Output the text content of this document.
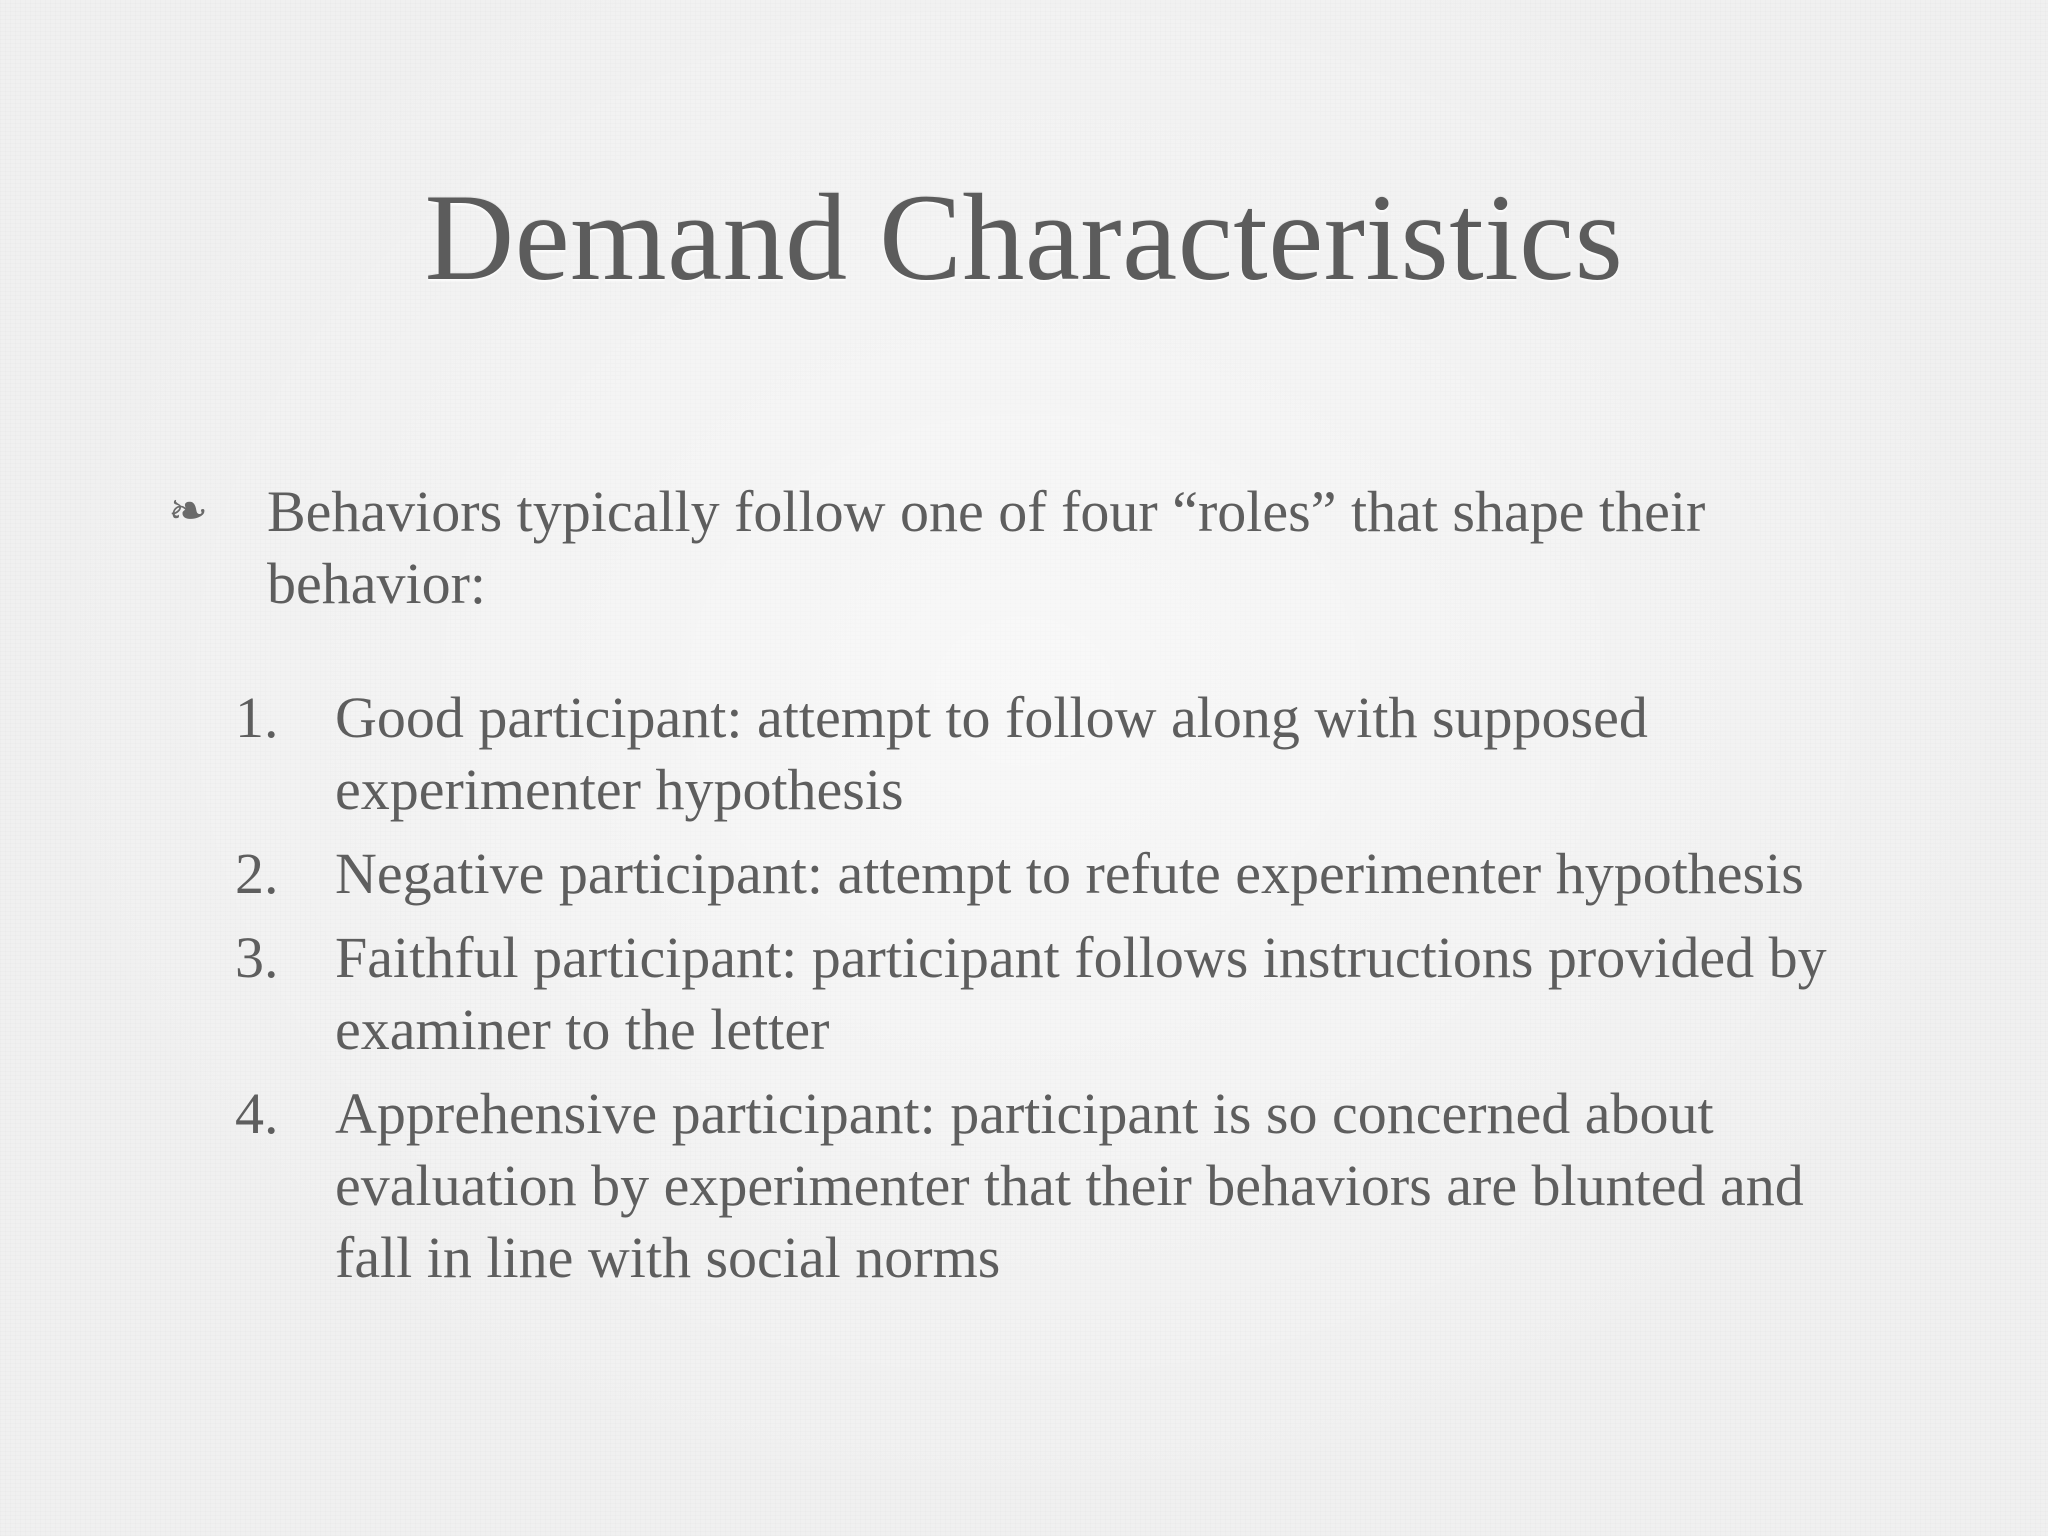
Demand Characteristics
❧	Behaviors typically follow one of four “roles” that shape their behavior:
1. Good participant: attempt to follow along with supposed experimenter hypothesis
2. Negative participant: attempt to refute experimenter hypothesis
3. Faithful participant: participant follows instructions provided by examiner to the letter
4. Apprehensive participant: participant is so concerned about evaluation by experimenter that their behaviors are blunted and fall in line with social norms
